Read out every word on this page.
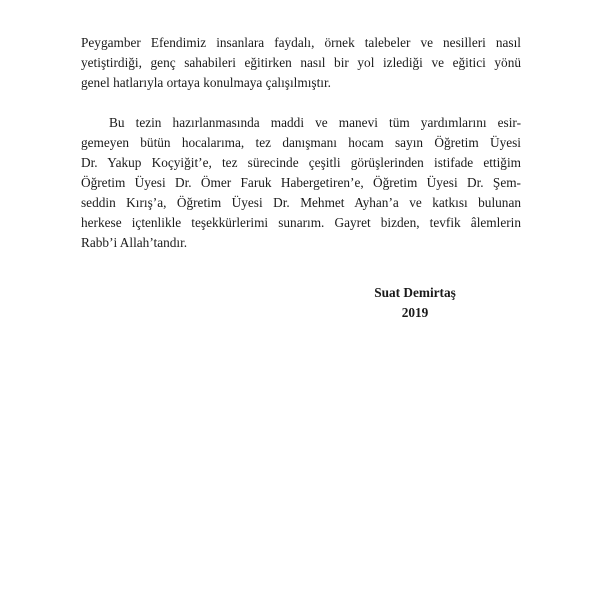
Peygamber Efendimiz insanlara faydalı, örnek talebeler ve nesilleri nasıl
yetiştirdiği, genç sahabileri eğitirken nasıl bir yol izlediği ve eğitici yönü
genel hatlarıyla ortaya konulmaya çalışılmıştır.

Bu tezin hazırlanmasında maddi ve manevi tüm yardımlarını esir-
gemeyen bütün hocalarıma, tez danışmanı hocam sayın Öğretim Üyesi
Dr. Yakup Koçyiğit’e, tez sürecinde çeşitli görüşlerinden istifade ettiğim
Öğretim Üyesi Dr. Ömer Faruk Habergetiren’e, Öğretim Üyesi Dr. Şem-
seddin Kırış’a, Öğretim Üyesi Dr. Mehmet Ayhan’a ve katkısı bulunan
herkese içtenlikle teşekkürlerimi sunarım. Gayret bizden, tevfik âlemlerin
Rabb’i Allah’tandır.

Suat Demirtaş
2019
